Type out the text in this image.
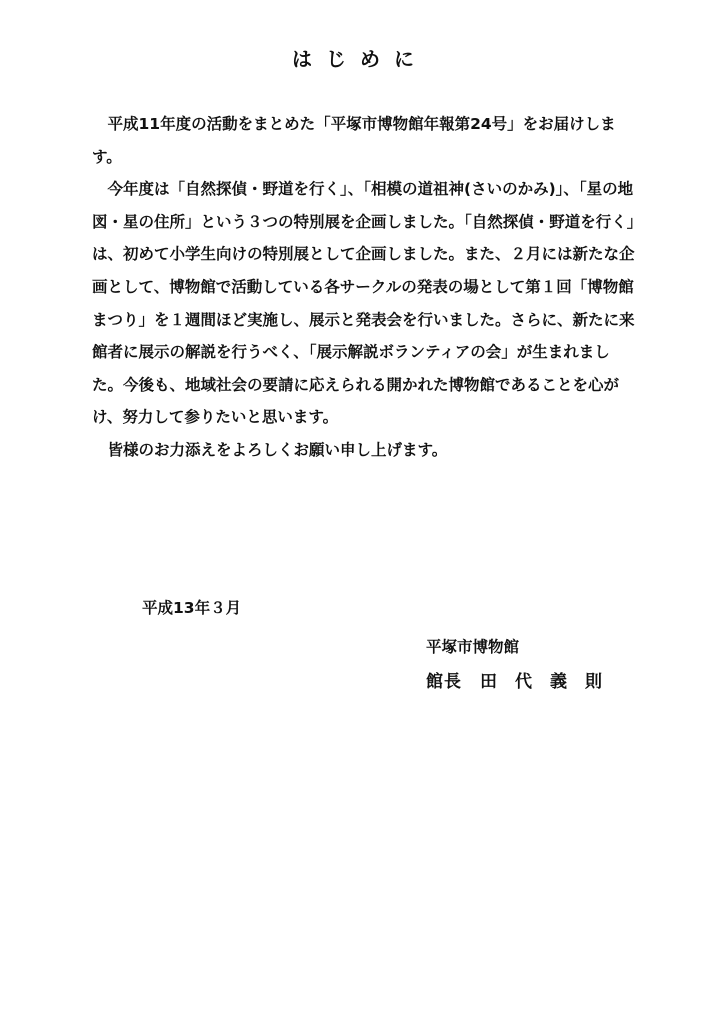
はじめに

平成11年度の活動をまとめた「平塚市博物館年報第24号」をお届けします。

今年度は「自然探偵・野道を行く」、「相模の道祖神(さいのかみ)」、「星の地図・星の住所」という３つの特別展を企画しました。「自然探偵・野道を行く」は、初めて小学生向けの特別展として企画しました。また、２月には新たな企画として、博物館で活動している各サークルの発表の場として第１回「博物館まつり」を１週間ほど実施し、展示と発表会を行いました。さらに、新たに来館者に展示の解説を行うべく、「展示解説ボランティアの会」が生まれました。今後も、地域社会の要請に応えられる開かれた博物館であることを心がけ、努力して参りたいと思います。

皆様のお力添えをよろしくお願い申し上げます。

平成13年３月
平塚市博物館
館長 田代義則
